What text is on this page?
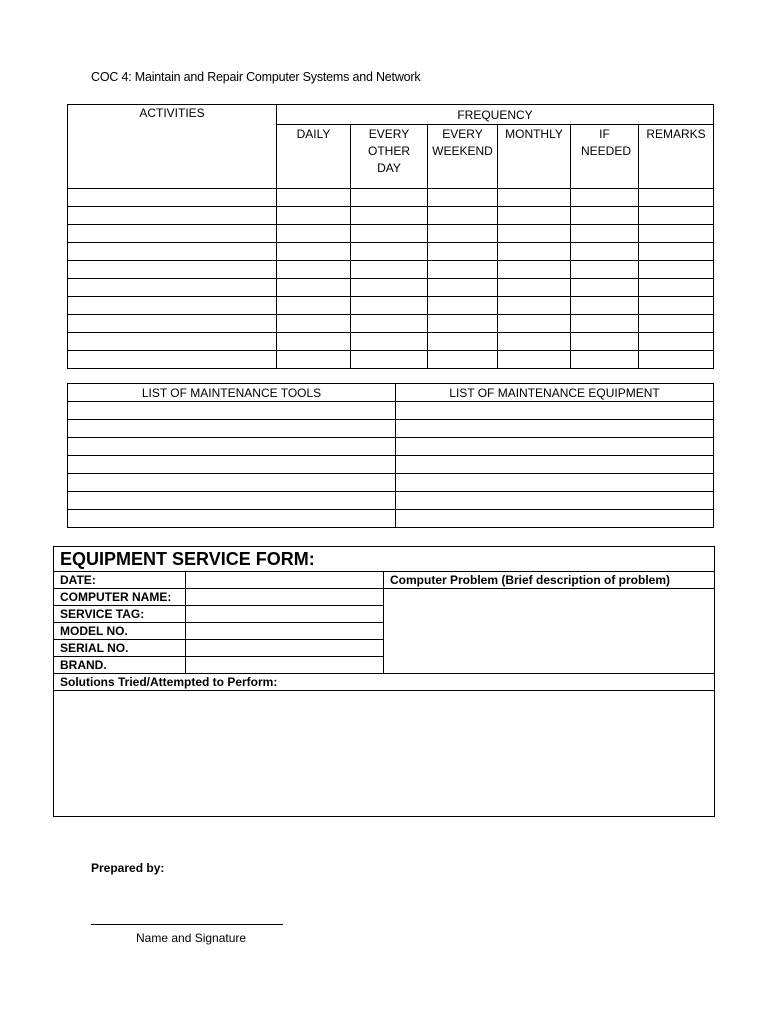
COC 4: Maintain and Repair Computer Systems and Network
ACTIVITIES	FREQUENCY					
	DAILY	EVERY OTHER DAY	EVERY WEEKEND	MONTHLY	IF NEEDED	REMARKS

LIST OF MAINTENANCE TOOLS	LIST OF MAINTENANCE EQUIPMENT

EQUIPMENT SERVICE FORM:		
DATE:		Computer Problem (Brief description of problem)
COMPUTER NAME:		
SERVICE TAG:		
MODEL NO.		
SERIAL NO.		
BRAND.		
Solutions Tried/Attempted to Perform:		

Prepared by:
Name and Signature
